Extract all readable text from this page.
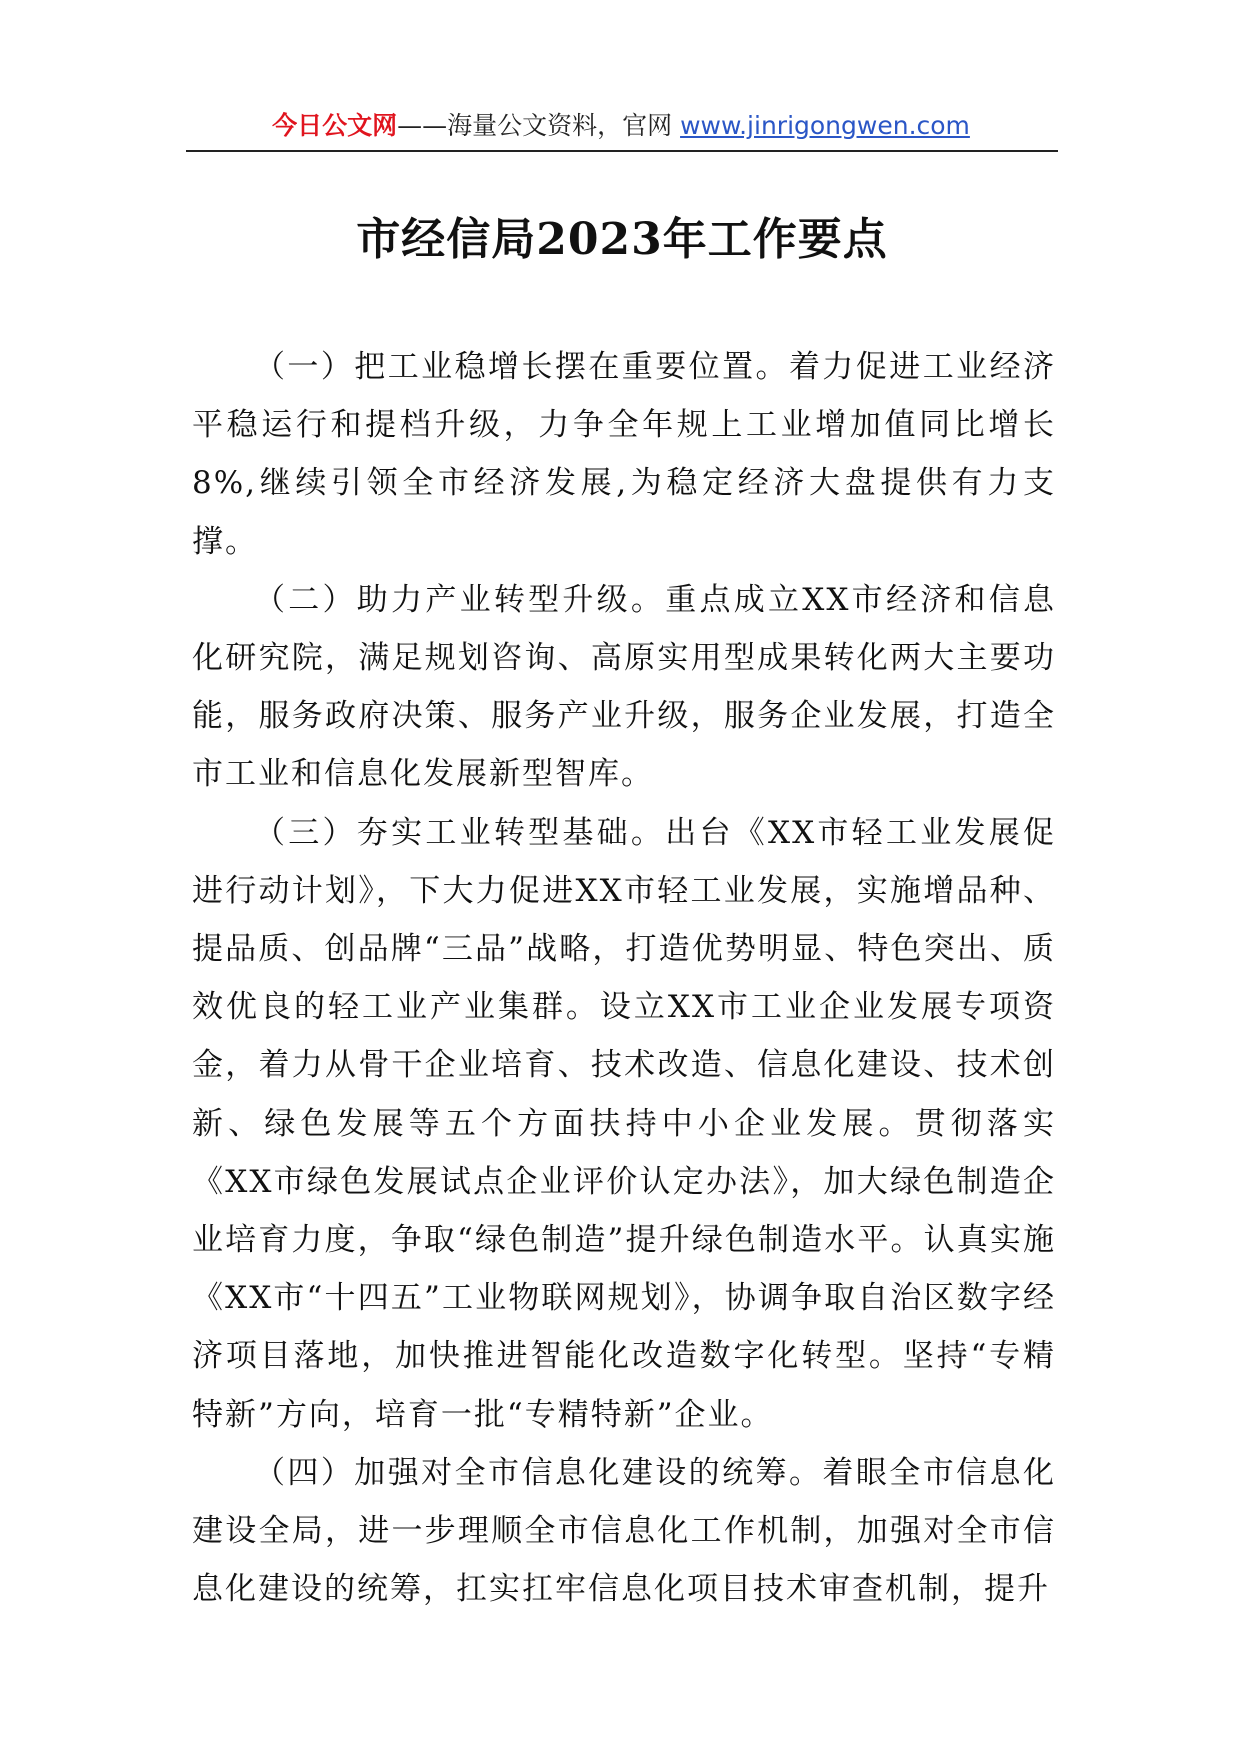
今日公文网——海量公文资料，官网 www.jinrigongwen.com
市经信局2023年工作要点

（一）把工业稳增长摆在重要位置。着力促进工业经济平稳运行和提档升级，力争全年规上工业增加值同比增长8%,继续引领全市经济发展,为稳定经济大盘提供有力支撑。

（二）助力产业转型升级。重点成立XX市经济和信息化研究院，满足规划咨询、高原实用型成果转化两大主要功能，服务政府决策、服务产业升级，服务企业发展，打造全市工业和信息化发展新型智库。

（三）夯实工业转型基础。出台《XX市轻工业发展促进行动计划》，下大力促进XX市轻工业发展，实施增品种、提品质、创品牌“三品”战略，打造优势明显、特色突出、质效优良的轻工业产业集群。设立XX市工业企业发展专项资金，着力从骨干企业培育、技术改造、信息化建设、技术创新、绿色发展等五个方面扶持中小企业发展。贯彻落实《XX市绿色发展试点企业评价认定办法》，加大绿色制造企业培育力度，争取“绿色制造”提升绿色制造水平。认真实施《XX市“十四五”工业物联网规划》，协调争取自治区数字经济项目落地，加快推进智能化改造数字化转型。坚持“专精特新”方向，培育一批“专精特新”企业。

（四）加强对全市信息化建设的统筹。着眼全市信息化建设全局，进一步理顺全市信息化工作机制，加强对全市信息化建设的统筹，扛实扛牢信息化项目技术审查机制，提升
